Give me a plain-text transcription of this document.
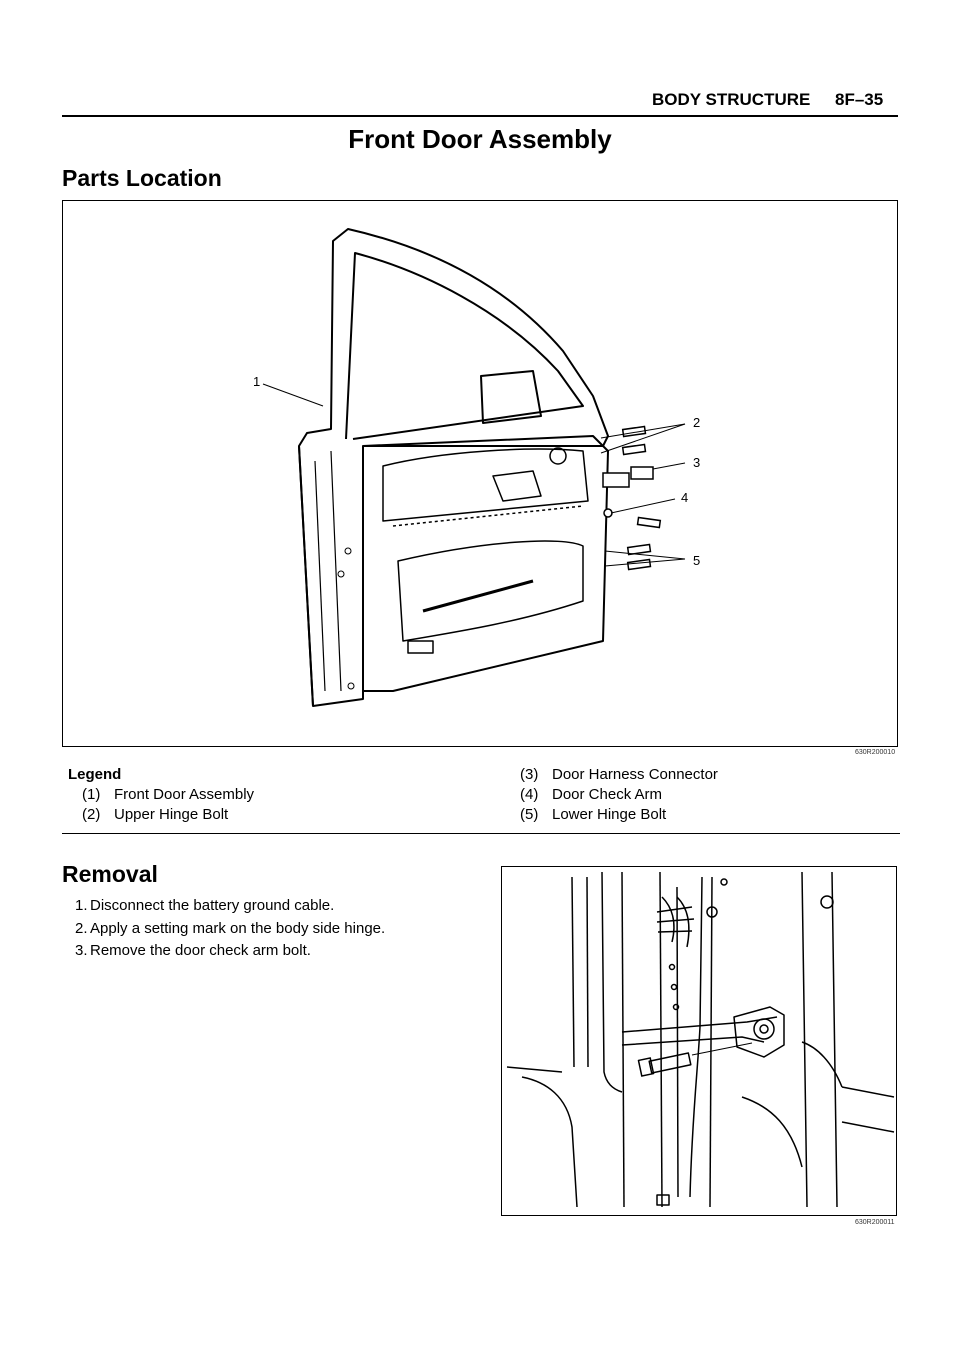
BODY STRUCTURE 8F–35
Front Door Assembly
Parts Location
1
2
3
4
5
630R200010
Legend
(1) Front Door Assembly
(2) Upper Hinge Bolt
(3) Door Harness Connector
(4) Door Check Arm
(5) Lower Hinge Bolt
Removal
1. Disconnect the battery ground cable.
2. Apply a setting mark on the body side hinge.
3. Remove the door check arm bolt.
630R200011
